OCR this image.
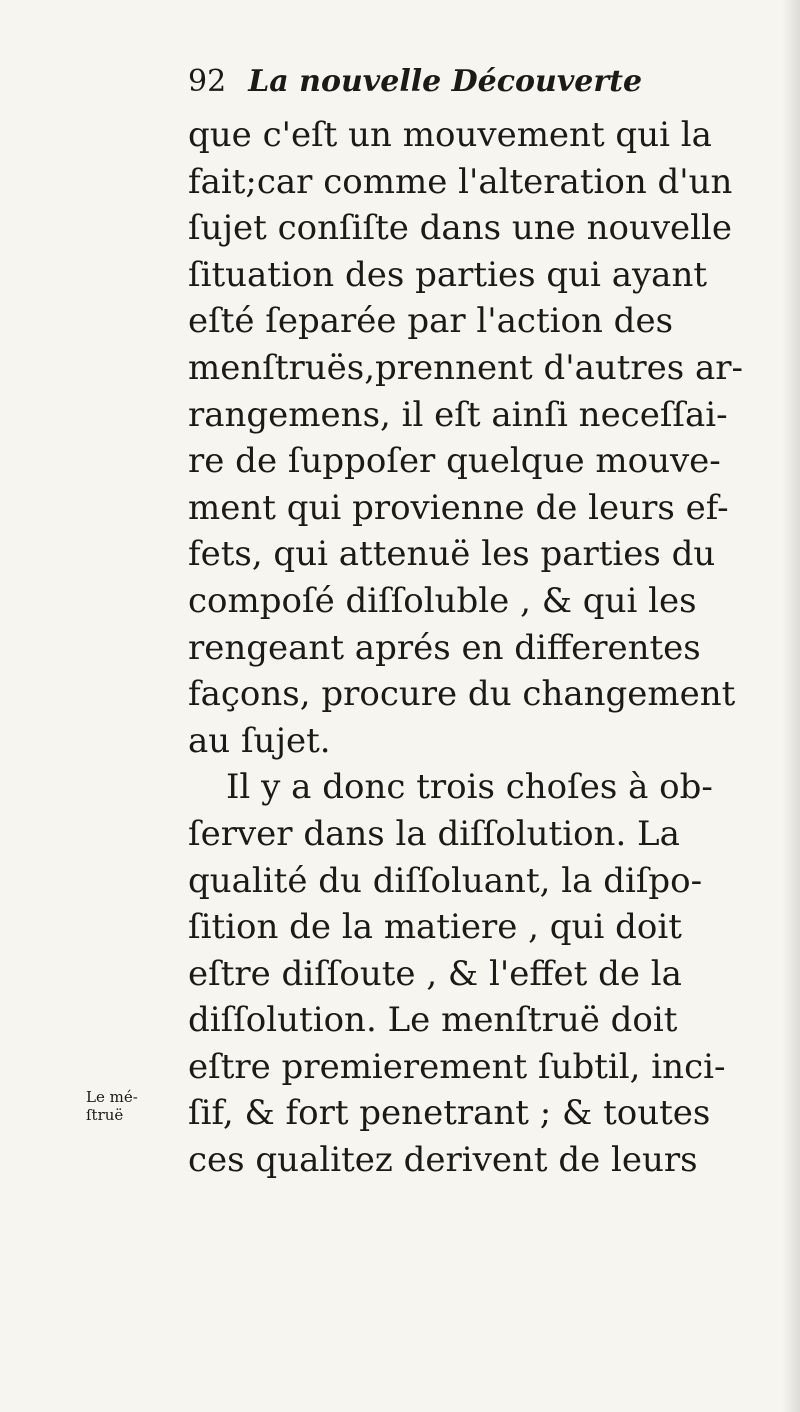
92 La nouvelle Découverte
que c'eſt un mouvement qui la
fait;car comme l'alteration d'un
ſujet conſiſte dans une nouvelle
ſituation des parties qui ayant
eſté ſeparée par l'action des
menſtruës,prennent d'autres ar-
rangemens, il eſt ainſi neceſſai-
re de ſuppoſer quelque mouve-
ment qui provienne de leurs ef-
fets, qui attenuë les parties du
compoſé diſſoluble , & qui les
rengeant aprés en differentes
façons, procure du changement
au ſujet.
Il y a donc trois choſes à ob-
ſerver dans la diſſolution. La
qualité du diſſoluant, la diſpo-
ſition de la matiere , qui doit
eſtre diſſoute , & l'effet de la
diſſolution. Le menſtruë doit
eſtre premierement ſubtil, inci-
ſif, & fort penetrant ; & toutes
ces qualitez derivent de leurs
Le mé-
ſtruë
